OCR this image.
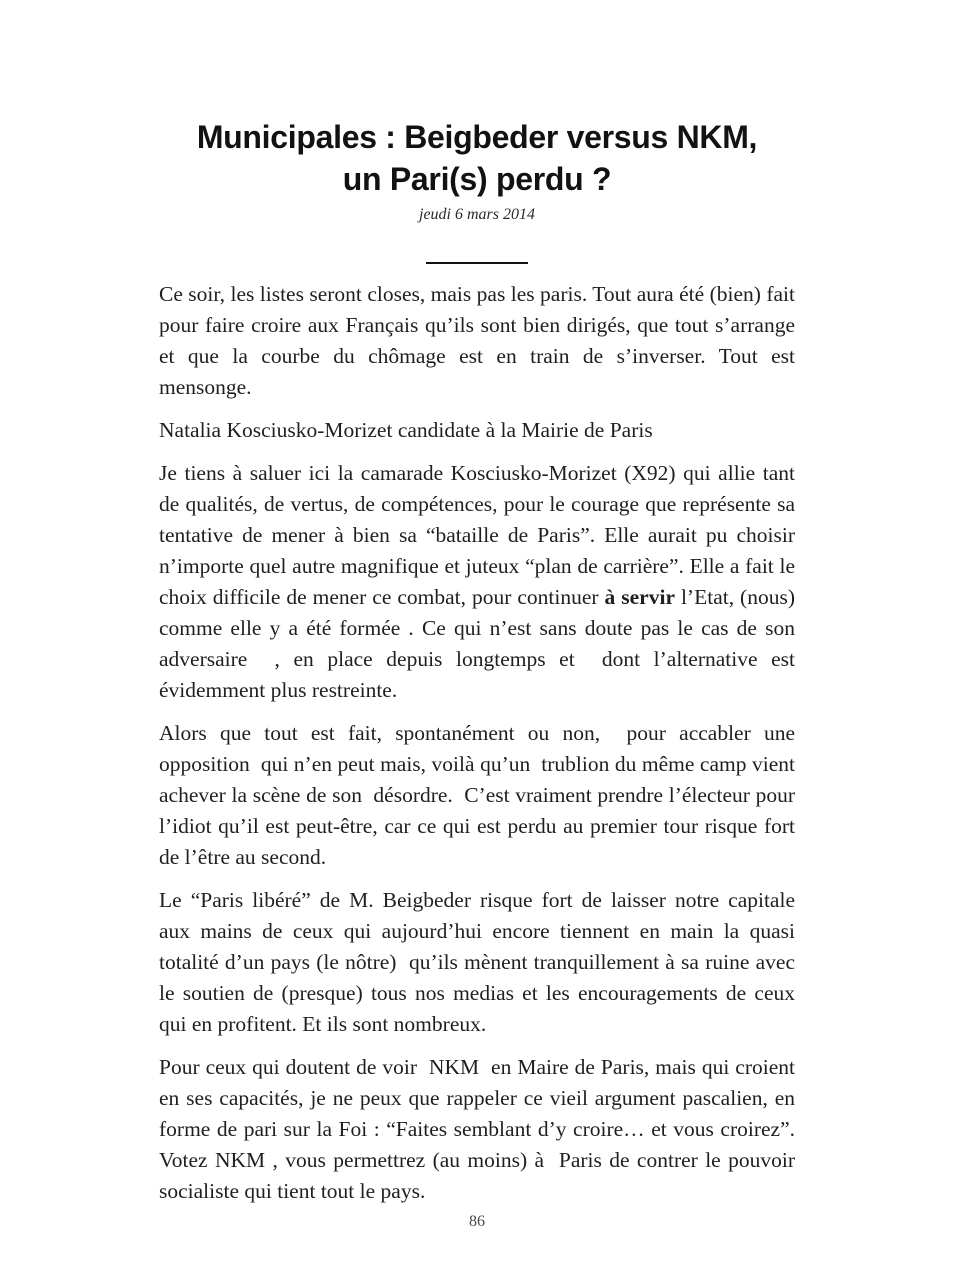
Municipales : Beigbeder versus NKM,
un Pari(s) perdu ?
jeudi 6 mars 2014

Ce soir, les listes seront closes, mais pas les paris. Tout aura été (bien) fait pour faire croire aux Français qu’ils sont bien dirigés, que tout s’arrange et que la courbe du chômage est en train de s’inverser. Tout est mensonge.

Natalia Kosciusko-Morizet candidate à la Mairie de Paris

Je tiens à saluer ici la camarade Kosciusko-Morizet (X92) qui allie tant de qualités, de vertus, de compétences, pour le courage que représente sa tentative de mener à bien sa “bataille de Paris”. Elle aurait pu choisir n’importe quel autre magnifique et juteux “plan de carrière”. Elle a fait le choix difficile de mener ce combat, pour continuer à servir l’Etat, (nous) comme elle y a été formée . Ce qui n’est sans doute pas le cas de son adversaire  , en place depuis longtemps et  dont l’alternative est évidemment plus restreinte.

Alors que tout est fait, spontanément ou non,  pour accabler une opposition  qui n’en peut mais, voilà qu’un  trublion du même camp vient achever la scène de son  désordre.  C’est vraiment prendre l’électeur pour l’idiot qu’il est peut-être, car ce qui est perdu au premier tour risque fort de l’être au second.

Le “Paris libéré” de M. Beigbeder risque fort de laisser notre capitale  aux mains de ceux qui aujourd’hui encore tiennent en main la quasi totalité d’un pays (le nôtre)  qu’ils mènent tranquillement à sa ruine avec le soutien de (presque) tous nos medias et les encouragements de ceux qui en profitent. Et ils sont nombreux.

Pour ceux qui doutent de voir  NKM  en Maire de Paris, mais qui croient en ses capacités, je ne peux que rappeler ce vieil argument pascalien, en forme de pari sur la Foi : “Faites semblant d’y croire… et vous croirez”. Votez NKM , vous permettrez (au moins) à  Paris de contrer le pouvoir socialiste qui tient tout le pays.

86
